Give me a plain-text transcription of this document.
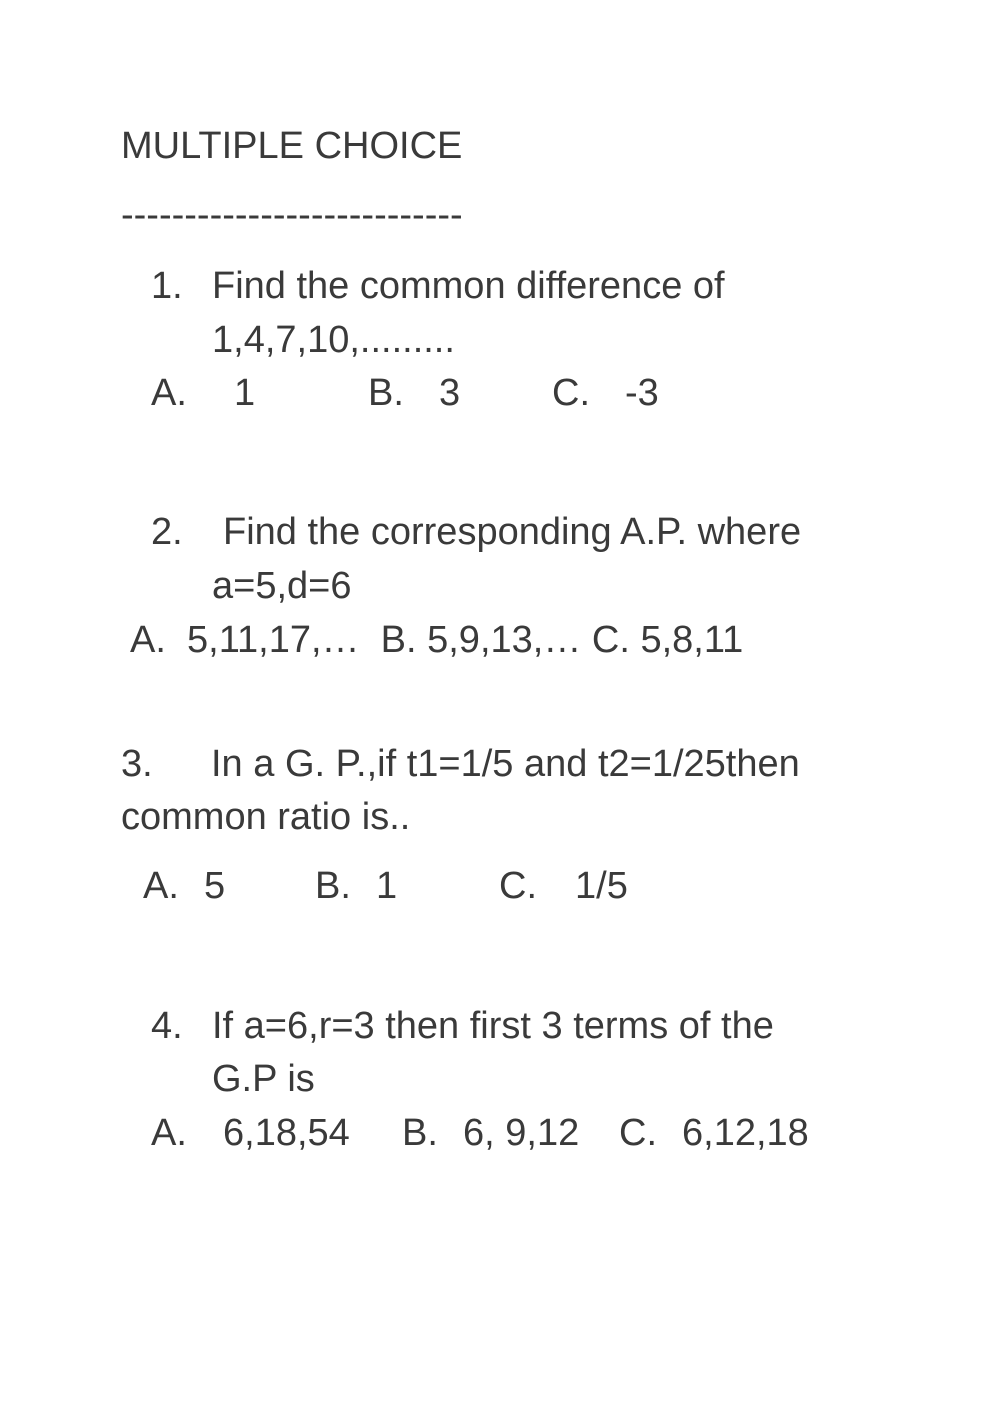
MULTIPLE CHOICE
---------------------------
1. Find the common difference of
1,4,7,10,.........
A. 1	B. 3 C. -3
2. Find the corresponding A.P. where
a=5,d=6
A.  5,11,17,…  B. 5,9,13,… C. 5,8,11
3. In a G. P.,if t1=1/5 and t2=1/25then
common ratio is..
A. 5 B. 1	C. 1/5
4. If a=6,r=3 then first 3 terms of the
G.P is
A. 6,18,54 B. 6, 9,12 C. 6,12,18
